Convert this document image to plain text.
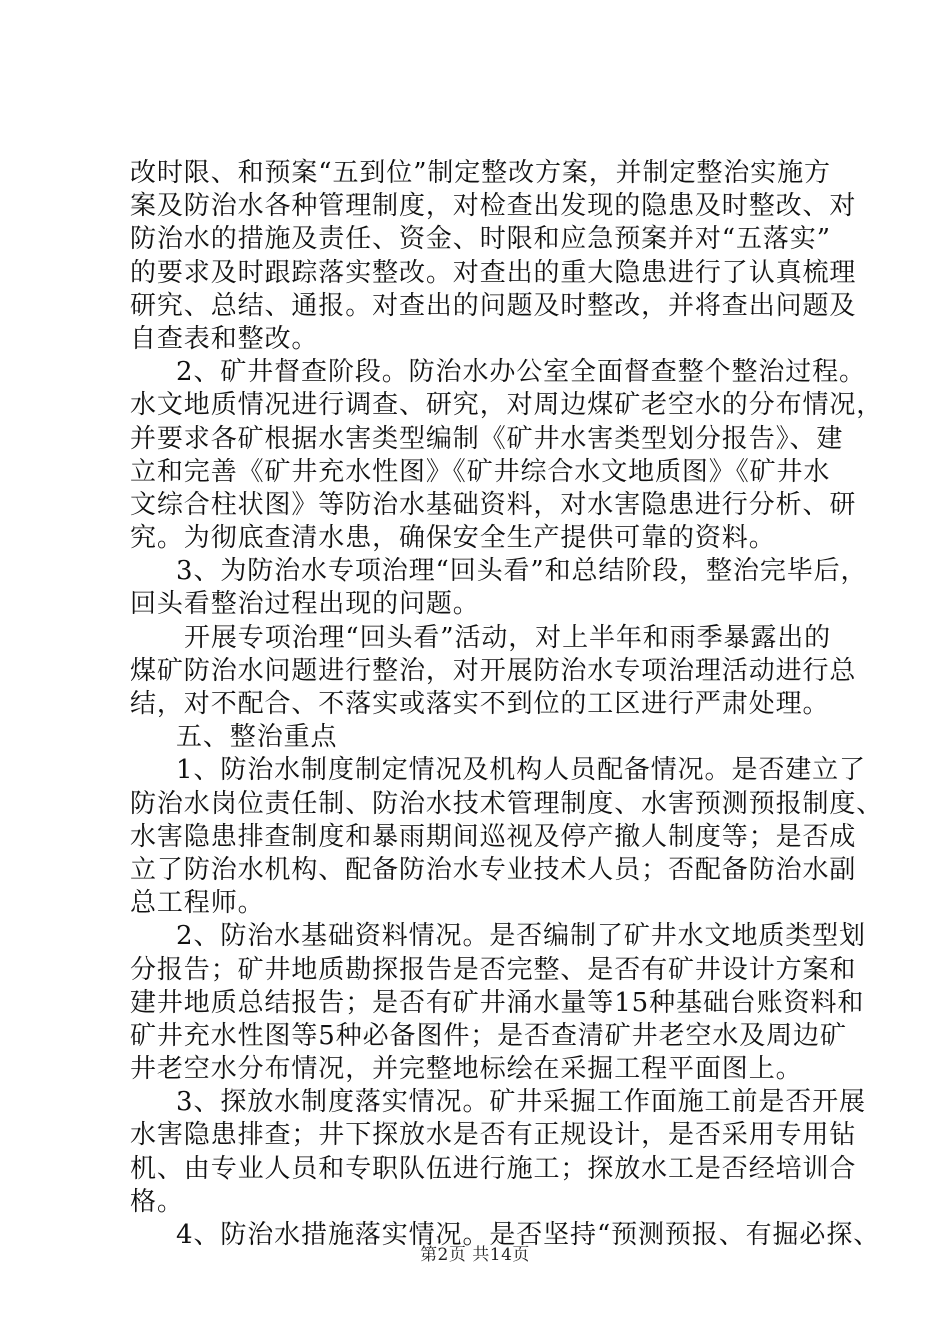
改时限、和预案“五到位”制定整改方案，并制定整治实施方
案及防治水各种管理制度，对检查出发现的隐患及时整改、对
防治水的措施及责任、资金、时限和应急预案并对“五落实”
的要求及时跟踪落实整改。对查出的重大隐患进行了认真梳理
研究、总结、通报。对查出的问题及时整改，并将查出问题及
自查表和整改。
2、矿井督查阶段。防治水办公室全面督查整个整治过程。
水文地质情况进行调查、研究，对周边煤矿老空水的分布情况，
并要求各矿根据水害类型编制《矿井水害类型划分报告》、建
立和完善《矿井充水性图》《矿井综合水文地质图》《矿井水
文综合柱状图》等防治水基础资料，对水害隐患进行分析、研
究。为彻底查清水患，确保安全生产提供可靠的资料。
3、为防治水专项治理“回头看”和总结阶段，整治完毕后，
回头看整治过程出现的问题。
开展专项治理“回头看”活动，对上半年和雨季暴露出的
煤矿防治水问题进行整治，对开展防治水专项治理活动进行总
结，对不配合、不落实或落实不到位的工区进行严肃处理。
五、整治重点
1、防治水制度制定情况及机构人员配备情况。是否建立了
防治水岗位责任制、防治水技术管理制度、水害预测预报制度、
水害隐患排查制度和暴雨期间巡视及停产撤人制度等；是否成
立了防治水机构、配备防治水专业技术人员；否配备防治水副
总工程师。
2、防治水基础资料情况。是否编制了矿井水文地质类型划
分报告；矿井地质勘探报告是否完整、是否有矿井设计方案和
建井地质总结报告；是否有矿井涌水量等15种基础台账资料和
矿井充水性图等5种必备图件；是否查清矿井老空水及周边矿
井老空水分布情况，并完整地标绘在采掘工程平面图上。
3、探放水制度落实情况。矿井采掘工作面施工前是否开展
水害隐患排查；井下探放水是否有正规设计，是否采用专用钻
机、由专业人员和专职队伍进行施工；探放水工是否经培训合
格。
4、防治水措施落实情况。是否坚持“预测预报、有掘必探、
第2页 共14页
